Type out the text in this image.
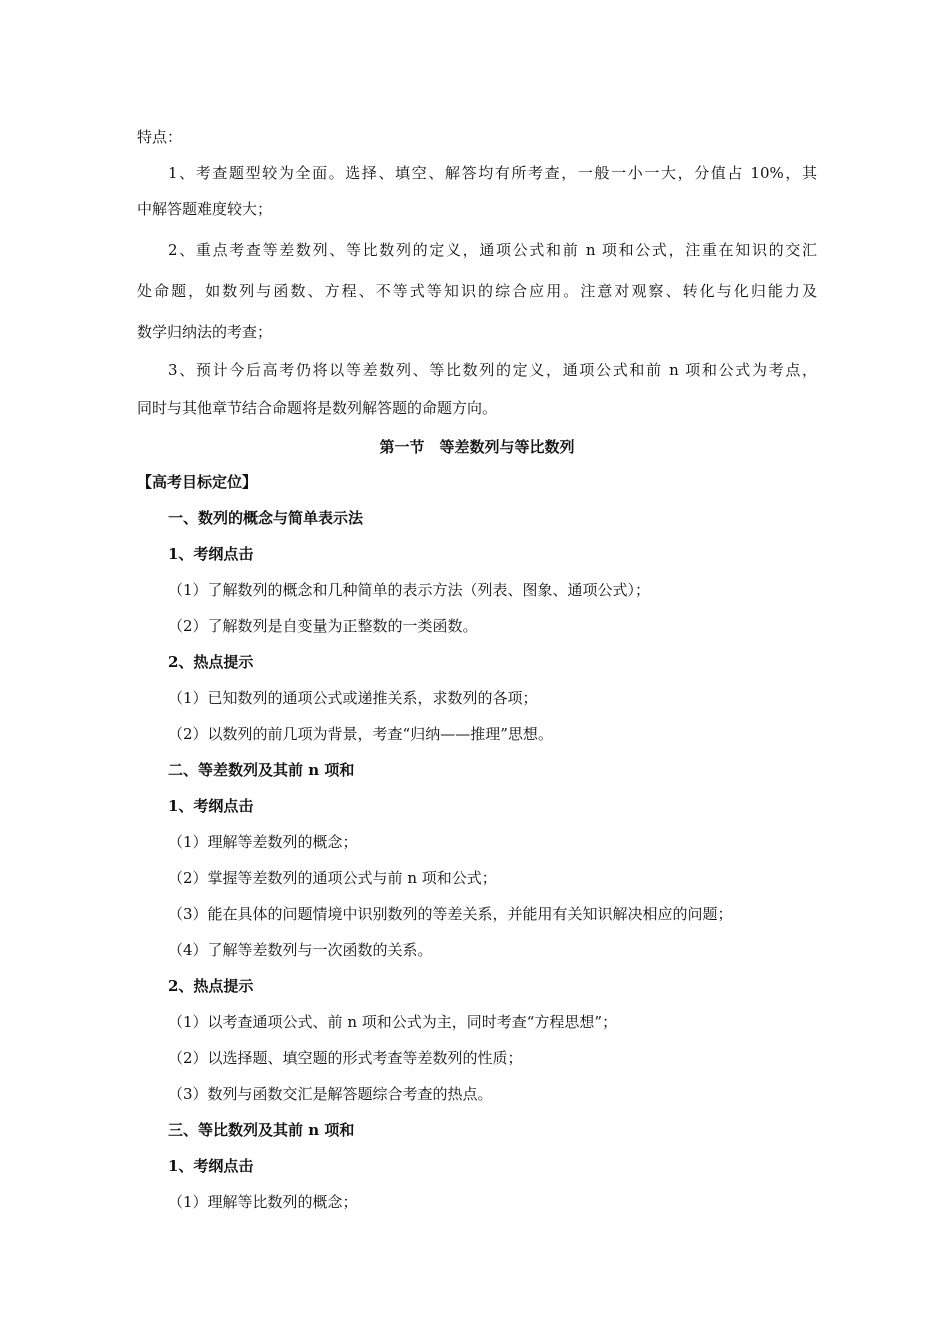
特点：
1、考查题型较为全面。选择、填空、解答均有所考查，一般一小一大，分值占 10%，其
中解答题难度较大；
2、重点考查等差数列、等比数列的定义，通项公式和前 n 项和公式，注重在知识的交汇
处命题，如数列与函数、方程、不等式等知识的综合应用。注意对观察、转化与化归能力及
数学归纳法的考查；
3、预计今后高考仍将以等差数列、等比数列的定义，通项公式和前 n 项和公式为考点，
同时与其他章节结合命题将是数列解答题的命题方向。
第一节　等差数列与等比数列
【高考目标定位】
一、数列的概念与简单表示法
1、考纲点击
（1）了解数列的概念和几种简单的表示方法（列表、图象、通项公式）；
（2）了解数列是自变量为正整数的一类函数。
2、热点提示
（1）已知数列的通项公式或递推关系，求数列的各项；
（2）以数列的前几项为背景，考查“归纳——推理”思想。
二、等差数列及其前 n 项和
1、考纲点击
（1）理解等差数列的概念；
（2）掌握等差数列的通项公式与前 n 项和公式；
（3）能在具体的问题情境中识别数列的等差关系，并能用有关知识解决相应的问题；
（4）了解等差数列与一次函数的关系。
2、热点提示
（1）以考查通项公式、前 n 项和公式为主，同时考查“方程思想”；
（2）以选择题、填空题的形式考查等差数列的性质；
（3）数列与函数交汇是解答题综合考查的热点。
三、等比数列及其前 n 项和
1、考纲点击
（1）理解等比数列的概念；
